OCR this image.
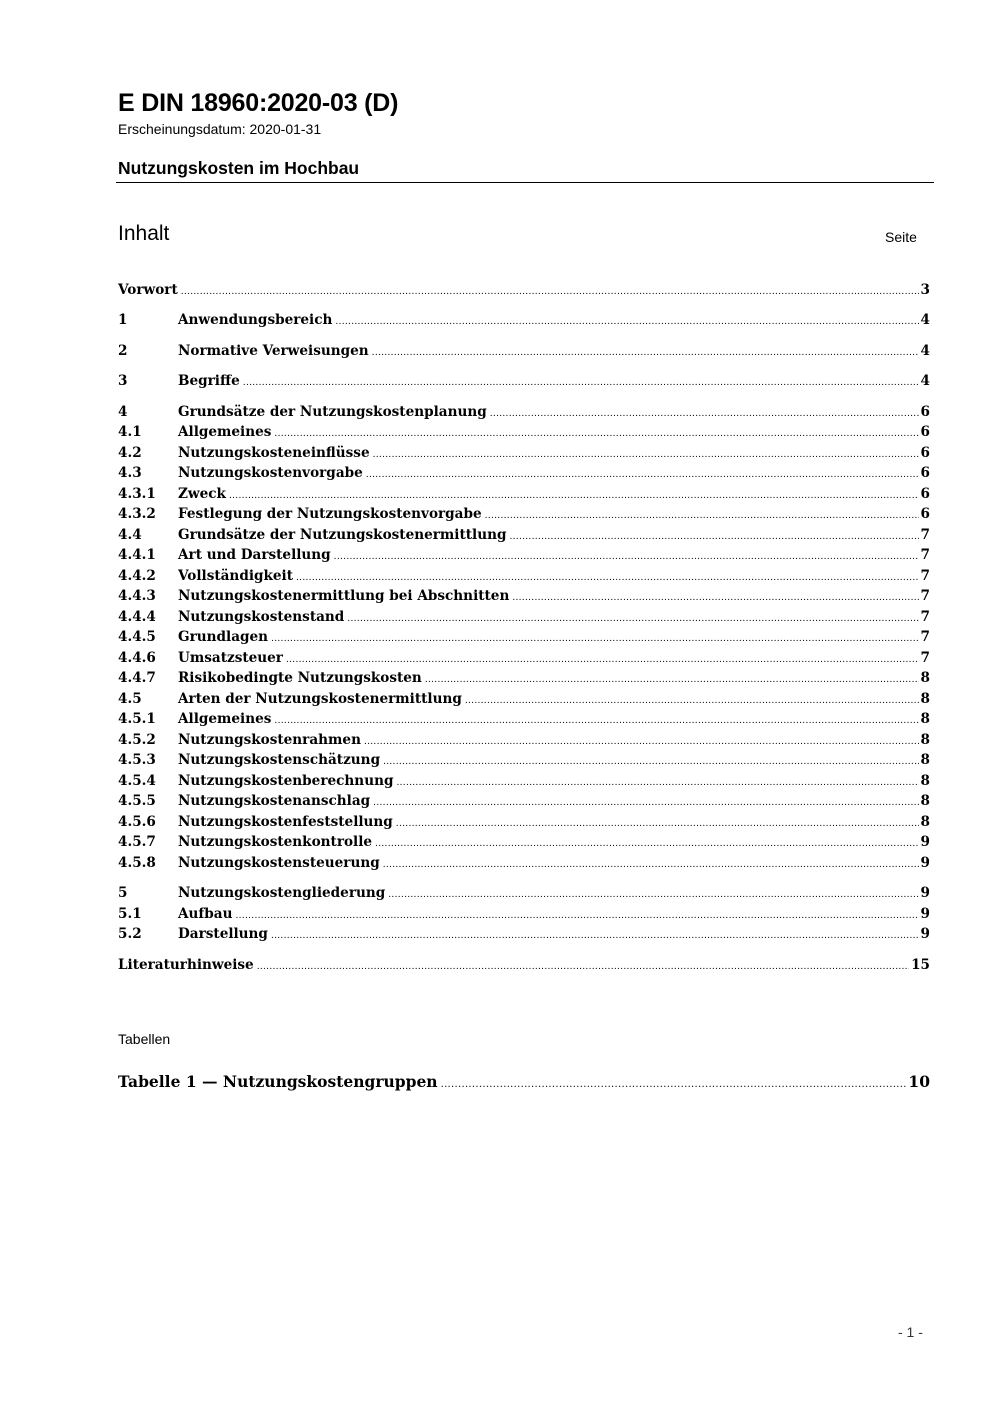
E DIN 18960:2020-03 (D)
Erscheinungsdatum: 2020-01-31
Nutzungskosten im Hochbau
Inhalt	Seite
Vorwort .....	3
1	Anwendungsbereich .....	4
2	Normative Verweisungen .....	4
3	Begriffe .....	4
4	Grundsätze der Nutzungskostenplanung .....	6
4.1	Allgemeines .....	6
4.2	Nutzungskosteneinflüsse .....	6
4.3	Nutzungskostenvorgabe .....	6
4.3.1	Zweck .....	6
4.3.2	Festlegung der Nutzungskostenvorgabe .....	6
4.4	Grundsätze der Nutzungskostenermittlung .....	7
4.4.1	Art und Darstellung .....	7
4.4.2	Vollständigkeit .....	7
4.4.3	Nutzungskostenermittlung bei Abschnitten .....	7
4.4.4	Nutzungskostenstand .....	7
4.4.5	Grundlagen .....	7
4.4.6	Umsatzsteuer .....	7
4.4.7	Risikobedingte Nutzungskosten .....	8
4.5	Arten der Nutzungskostenermittlung .....	8
4.5.1	Allgemeines .....	8
4.5.2	Nutzungskostenrahmen .....	8
4.5.3	Nutzungskostenschätzung .....	8
4.5.4	Nutzungskostenberechnung .....	8
4.5.5	Nutzungskostenanschlag .....	8
4.5.6	Nutzungskostenfeststellung .....	8
4.5.7	Nutzungskostenkontrolle .....	9
4.5.8	Nutzungskostensteuerung .....	9
5	Nutzungskostengliederung .....	9
5.1	Aufbau .....	9
5.2	Darstellung .....	9
Literaturhinweise .....	15
Tabellen
Tabelle 1 — Nutzungskostengruppen .....	10
- 1 -
